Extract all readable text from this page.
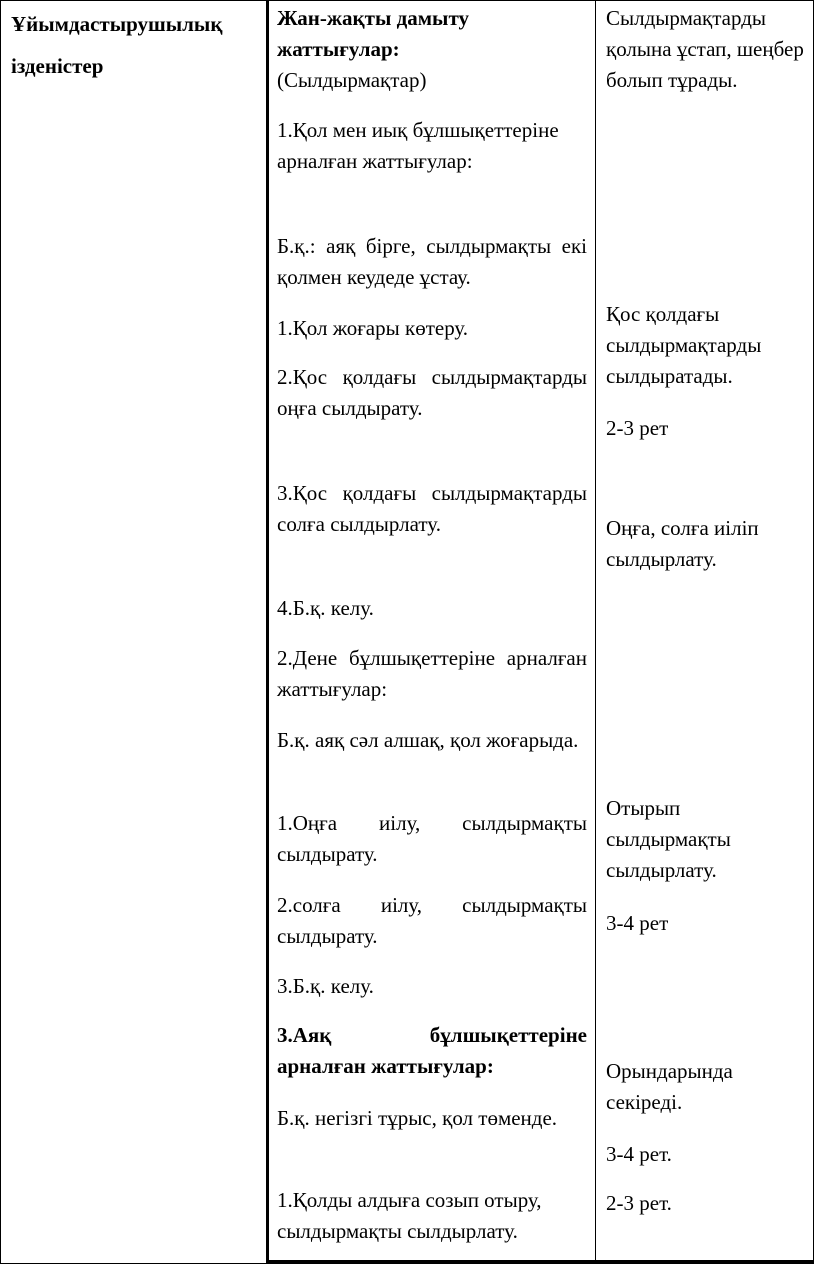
Ұйымдастырушылық ізденістер

Жан-жақты дамыту жаттығулар:

(Сылдырмақтар)

1.Қол мен иық бұлшықеттеріне арналған жаттығулар:

Б.қ.: аяқ бірге, сылдырмақты екі қолмен кеудеде ұстау.

1.Қол жоғары көтеру.

2.Қос қолдағы сылдырмақтарды оңға сылдырату.

3.Қос қолдағы сылдырмақтарды солға сылдырлату.

4.Б.қ. келу.

2.Дене бұлшықеттеріне арналған жаттығулар:

Б.қ. аяқ сәл алшақ, қол жоғарыда.

1.Оңға иілу, сылдырмақты сылдырату.

2.солға иілу, сылдырмақты сылдырату.

3.Б.қ. келу.

3.Аяқ бұлшықеттеріне арналған жаттығулар:

Б.қ. негізгі тұрыс, қол төменде.

1.Қолды алдыға созып отыру, сылдырмақты сылдырлату.

Сылдырмақтарды қолына ұстап, шеңбер болып тұрады.

Қос қолдағы сылдырмақтарды сылдыратады.

2-3 рет

Оңға, солға иіліп сылдырлату.

Отырып сылдырмақты сылдырлату.

3-4 рет

Орындарында секіреді.

3-4 рет.

2-3 рет.
